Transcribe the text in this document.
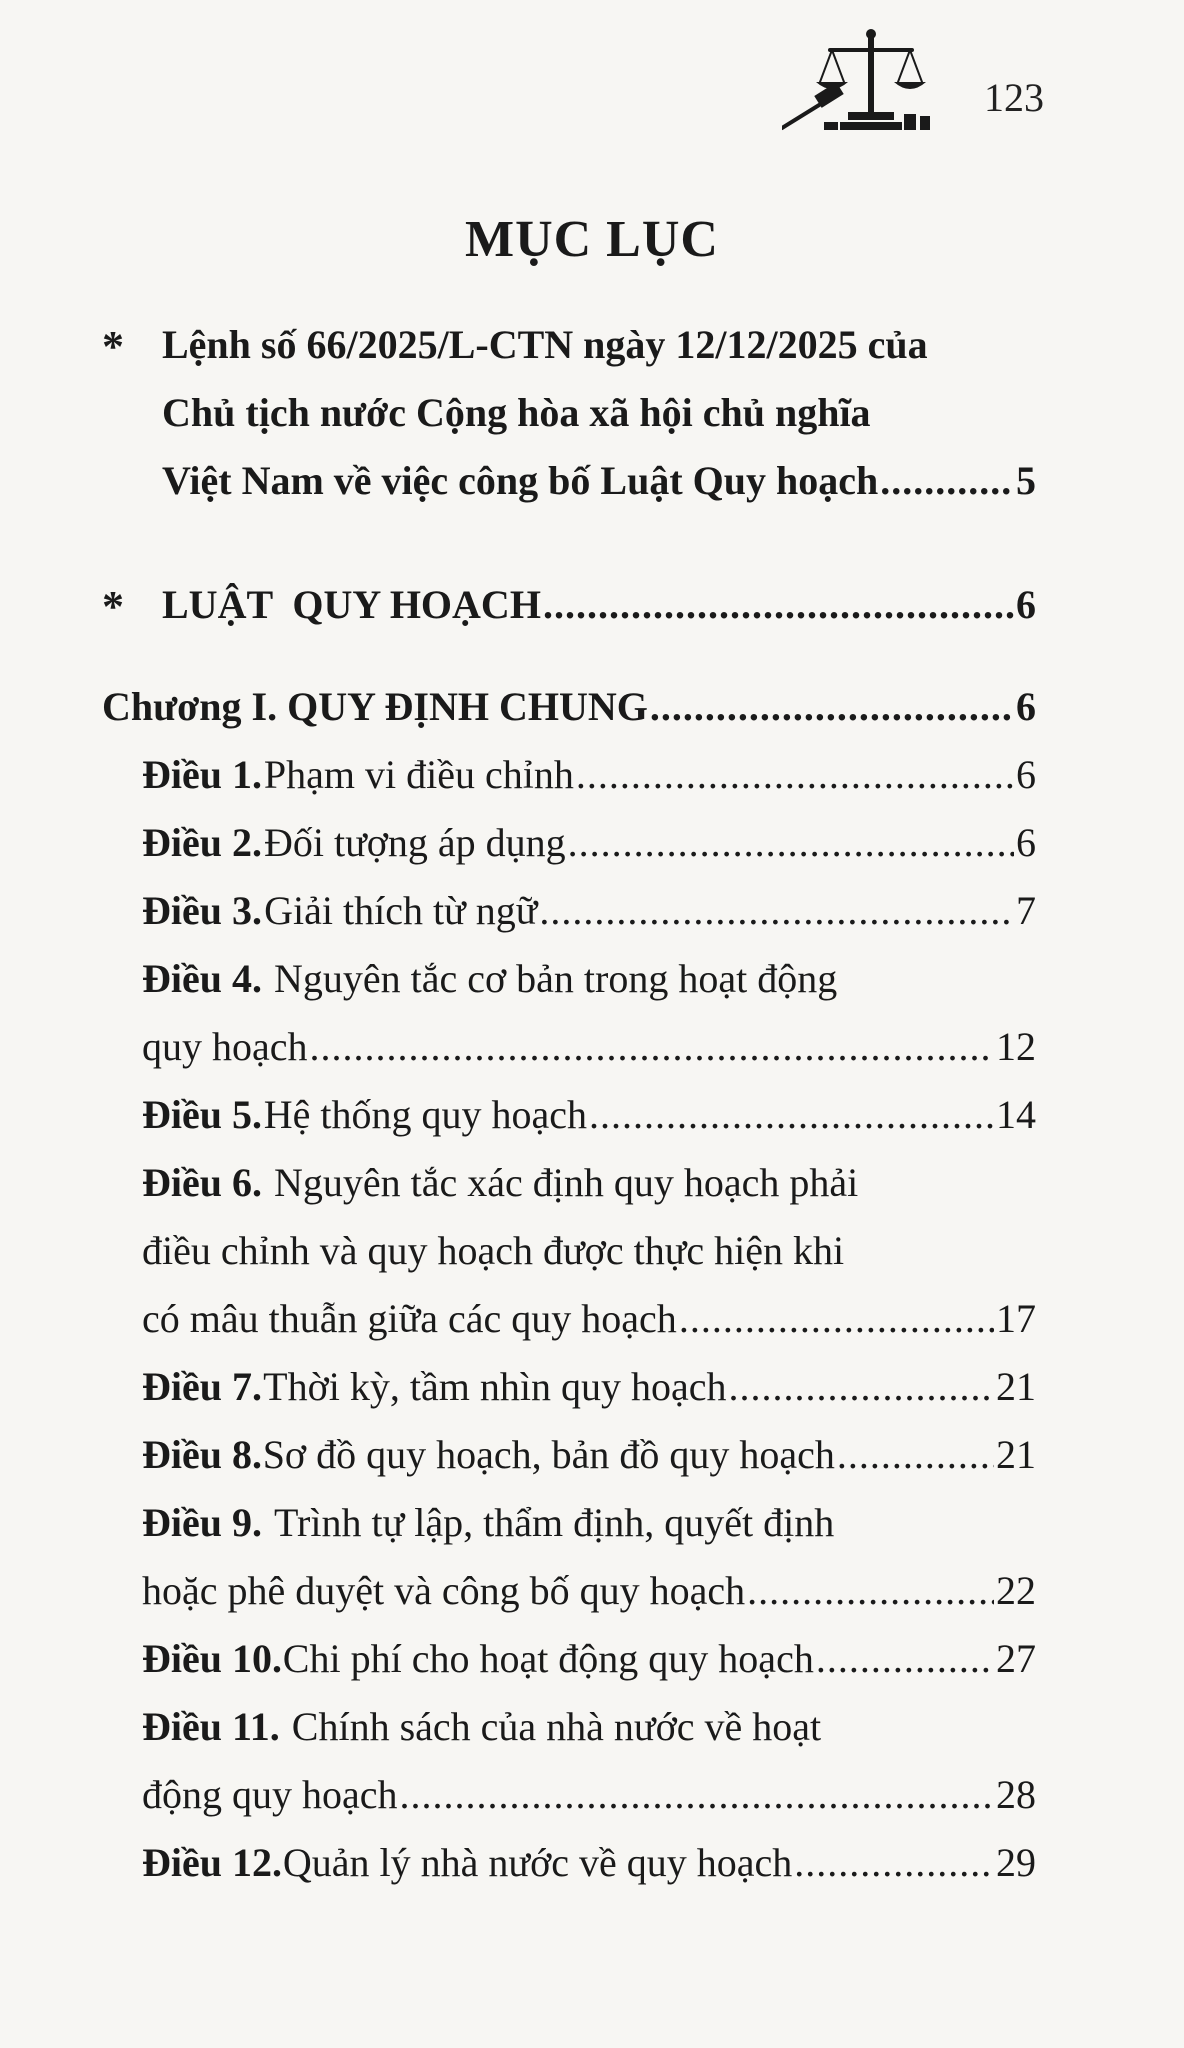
123
MỤC LỤC
* Lệnh số 66/2025/L-CTN ngày 12/12/2025 của
Chủ tịch nước Cộng hòa xã hội chủ nghĩa
Việt Nam về việc công bố Luật Quy hoạch .....	5
* LUẬT  QUY HOẠCH .....	6
Chương I. QUY ĐỊNH CHUNG .....	6
Điều 1. Phạm vi điều chỉnh .....	6
Điều 2. Đối tượng áp dụng .....	6
Điều 3. Giải thích từ ngữ .....	7
Điều 4. Nguyên tắc cơ bản trong hoạt động
quy hoạch .....	12
Điều 5. Hệ thống quy hoạch .....	14
Điều 6. Nguyên tắc xác định quy hoạch phải
điều chỉnh và quy hoạch được thực hiện khi
có mâu thuẫn giữa các quy hoạch .....	17
Điều 7. Thời kỳ, tầm nhìn quy hoạch .....	21
Điều 8. Sơ đồ quy hoạch, bản đồ quy hoạch .....	21
Điều 9. Trình tự lập, thẩm định, quyết định
hoặc phê duyệt và công bố quy hoạch .....	22
Điều 10. Chi phí cho hoạt động quy hoạch .....	27
Điều 11. Chính sách của nhà nước về hoạt
động quy hoạch .....	28
Điều 12. Quản lý nhà nước về quy hoạch .....	29
